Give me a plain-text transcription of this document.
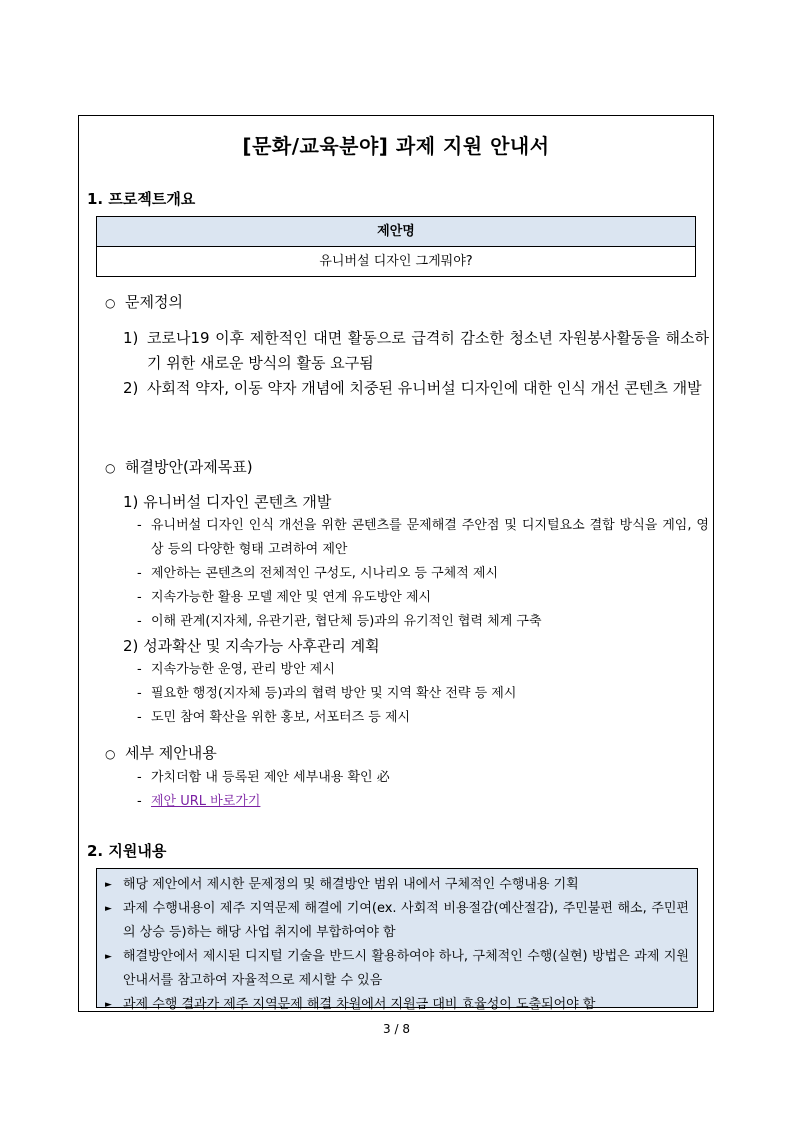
[문화/교육분야] 과제 지원 안내서
1. 프로젝트개요
제안명
유니버설 디자인 그게뭐야?
○ 문제정의
1) 코로나19 이후 제한적인 대면 활동으로 급격히 감소한 청소년 자원봉사활동을 해소하기 위한 새로운 방식의 활동 요구됨
2) 사회적 약자, 이동 약자 개념에 치중된 유니버설 디자인에 대한 인식 개선 콘텐츠 개발
○ 해결방안(과제목표)
1) 유니버설 디자인 콘텐츠 개발
- 유니버설 디자인 인식 개선을 위한 콘텐츠를 문제해결 주안점 및 디지털요소 결합 방식을 게임, 영상 등의 다양한 형태 고려하여 제안
- 제안하는 콘텐츠의 전체적인 구성도, 시나리오 등 구체적 제시
- 지속가능한 활용 모델 제안 및 연계 유도방안 제시
- 이해 관계(지자체, 유관기관, 협단체 등)과의 유기적인 협력 체계 구축
2) 성과확산 및 지속가능 사후관리 계획
- 지속가능한 운영, 관리 방안 제시
- 필요한 행정(지자체 등)과의 협력 방안 및 지역 확산 전략 등 제시
- 도민 참여 확산을 위한 홍보, 서포터즈 등 제시
○ 세부 제안내용
- 가치더함 내 등록된 제안 세부내용 확인 必
- 제안 URL 바로가기
2. 지원내용
► 해당 제안에서 제시한 문제정의 및 해결방안 범위 내에서 구체적인 수행내용 기획
► 과제 수행내용이 제주 지역문제 해결에 기여(ex. 사회적 비용절감(예산절감), 주민불편 해소, 주민편의 상승 등)하는 해당 사업 취지에 부합하여야 함
► 해결방안에서 제시된 디지털 기술을 반드시 활용하여야 하나, 구체적인 수행(실현) 방법은 과제 지원 안내서를 참고하여 자율적으로 제시할 수 있음
► 과제 수행 결과가 제주 지역문제 해결 차원에서 지원금 대비 효율성이 도출되어야 함
3 / 8
